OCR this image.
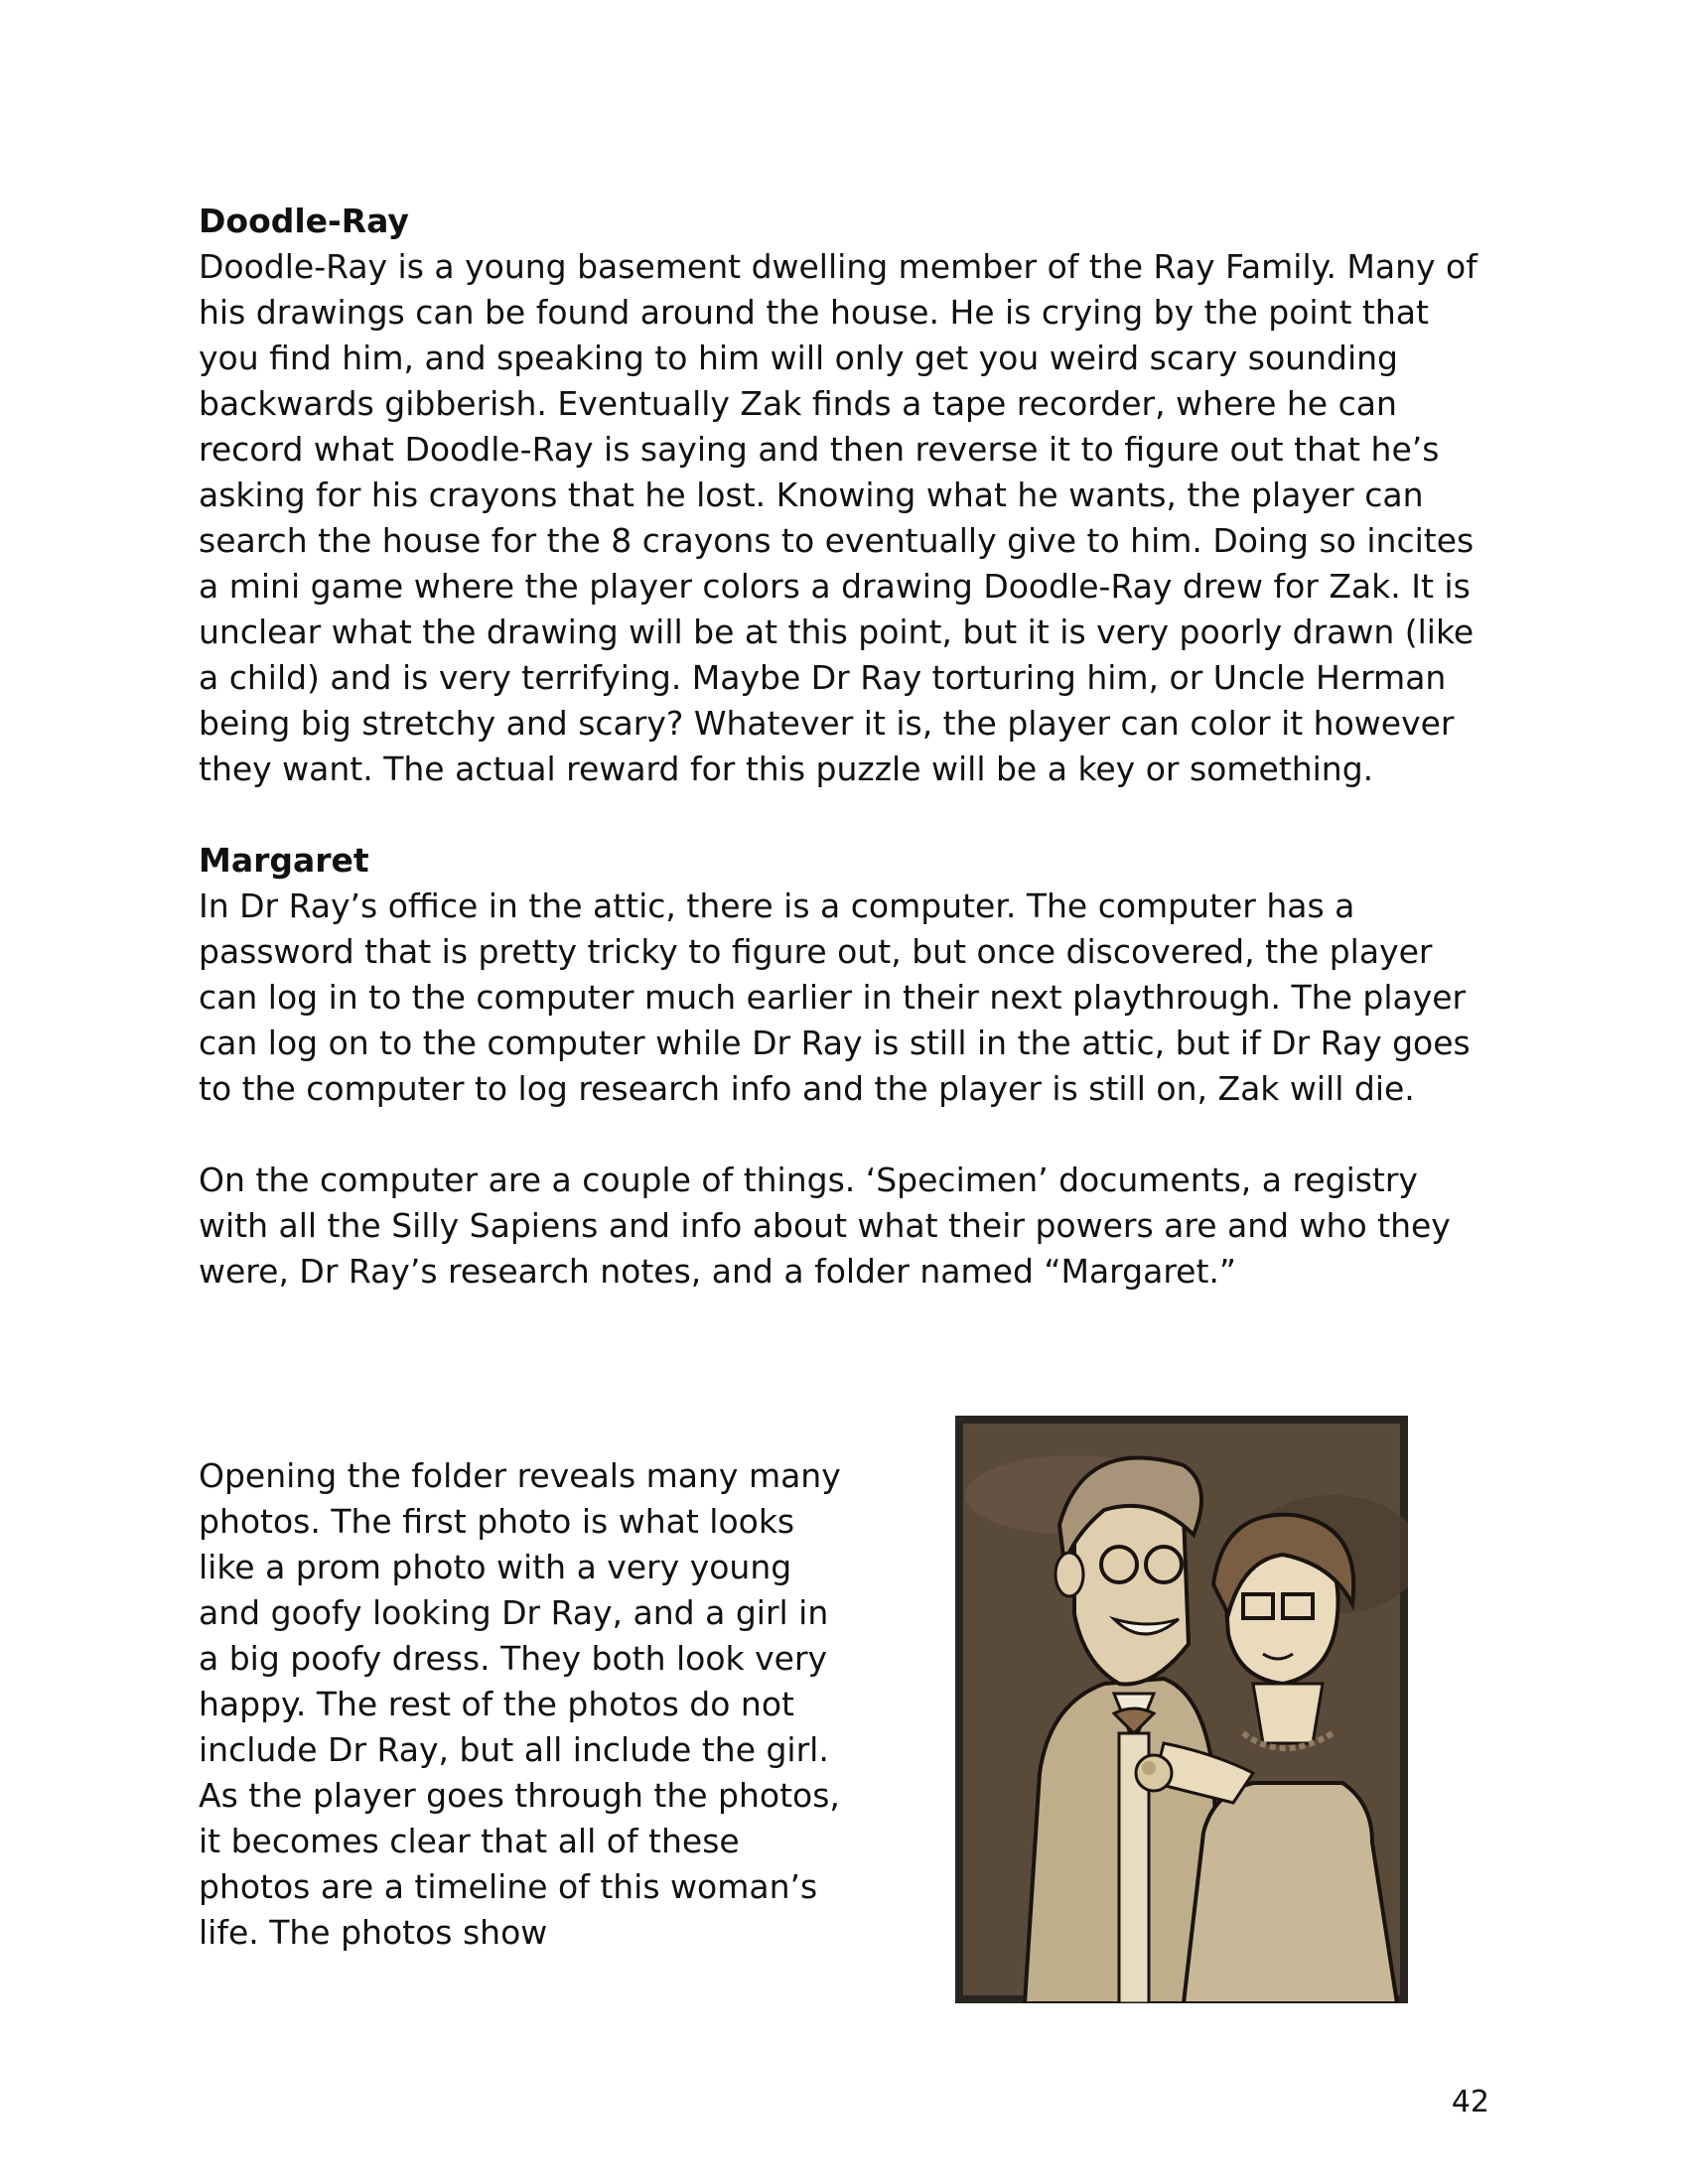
Doodle-Ray

Doodle-Ray is a young basement dwelling member of the Ray Family. Many of his drawings can be found around the house. He is crying by the point that you find him, and speaking to him will only get you weird scary sounding backwards gibberish. Eventually Zak finds a tape recorder, where he can record what Doodle-Ray is saying and then reverse it to figure out that he’s asking for his crayons that he lost. Knowing what he wants, the player can search the house for the 8 crayons to eventually give to him. Doing so incites a mini game where the player colors a drawing Doodle-Ray drew for Zak. It is unclear what the drawing will be at this point, but it is very poorly drawn (like a child) and is very terrifying. Maybe Dr Ray torturing him, or Uncle Herman being big stretchy and scary? Whatever it is, the player can color it however they want. The actual reward for this puzzle will be a key or something.

Margaret

In Dr Ray’s office in the attic, there is a computer. The computer has a password that is pretty tricky to figure out, but once discovered, the player can log in to the computer much earlier in their next playthrough. The player can log on to the computer while Dr Ray is still in the attic, but if Dr Ray goes to the computer to log research info and the player is still on, Zak will die.

On the computer are a couple of things. ‘Specimen’ documents, a registry with all the Silly Sapiens and info about what their powers are and who they were, Dr Ray’s research notes, and a folder named “Margaret.”

Opening the folder reveals many many photos. The first photo is what looks like a prom photo with a very young and goofy looking Dr Ray, and a girl in a big poofy dress. They both look very happy. The rest of the photos do not include Dr Ray, but all include the girl. As the player goes through the photos, it becomes clear that all of these photos are a timeline of this woman’s life. The photos show

42
